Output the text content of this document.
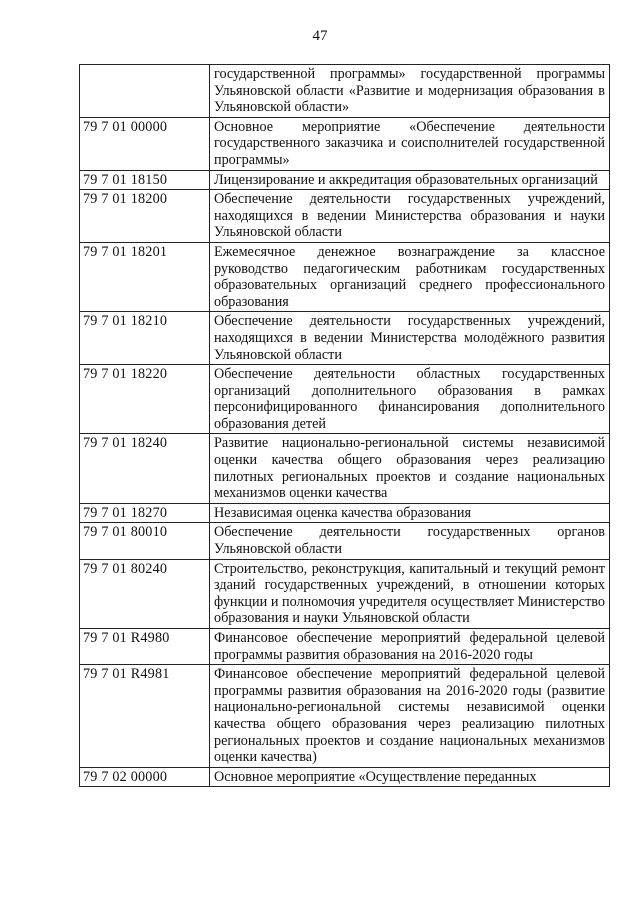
47
	государственной программы» государственной программы Ульяновской области «Развитие и модернизация образования в Ульяновской области»
79 7 01 00000	Основное мероприятие «Обеспечение деятельности государственного заказчика и соисполнителей государственной программы»
79 7 01 18150	Лицензирование и аккредитация образовательных организаций
79 7 01 18200	Обеспечение деятельности государственных учреждений, находящихся в ведении Министерства образования и науки Ульяновской области
79 7 01 18201	Ежемесячное денежное вознаграждение за классное руководство педагогическим работникам государственных образовательных организаций среднего профессионального образования
79 7 01 18210	Обеспечение деятельности государственных учреждений, находящихся в ведении Министерства молодёжного развития Ульяновской области
79 7 01 18220	Обеспечение деятельности областных государственных организаций дополнительного образования в рамках персонифицированного финансирования дополнительного образования детей
79 7 01 18240	Развитие национально-региональной системы независимой оценки качества общего образования через реализацию пилотных региональных проектов и создание национальных механизмов оценки качества
79 7 01 18270	Независимая оценка качества образования
79 7 01 80010	Обеспечение деятельности государственных органов Ульяновской области
79 7 01 80240	Строительство, реконструкция, капитальный и текущий ремонт зданий государственных учреждений, в отношении которых функции и полномочия учредителя осуществляет Министерство образования и науки Ульяновской области
79 7 01 R4980	Финансовое обеспечение мероприятий федеральной целевой программы развития образования на 2016-2020 годы
79 7 01 R4981	Финансовое обеспечение мероприятий федеральной целевой программы развития образования на 2016-2020 годы (развитие национально-региональной системы независимой оценки качества общего образования через реализацию пилотных региональных проектов и создание национальных механизмов оценки качества)
79 7 02 00000	Основное мероприятие «Осуществление переданных
